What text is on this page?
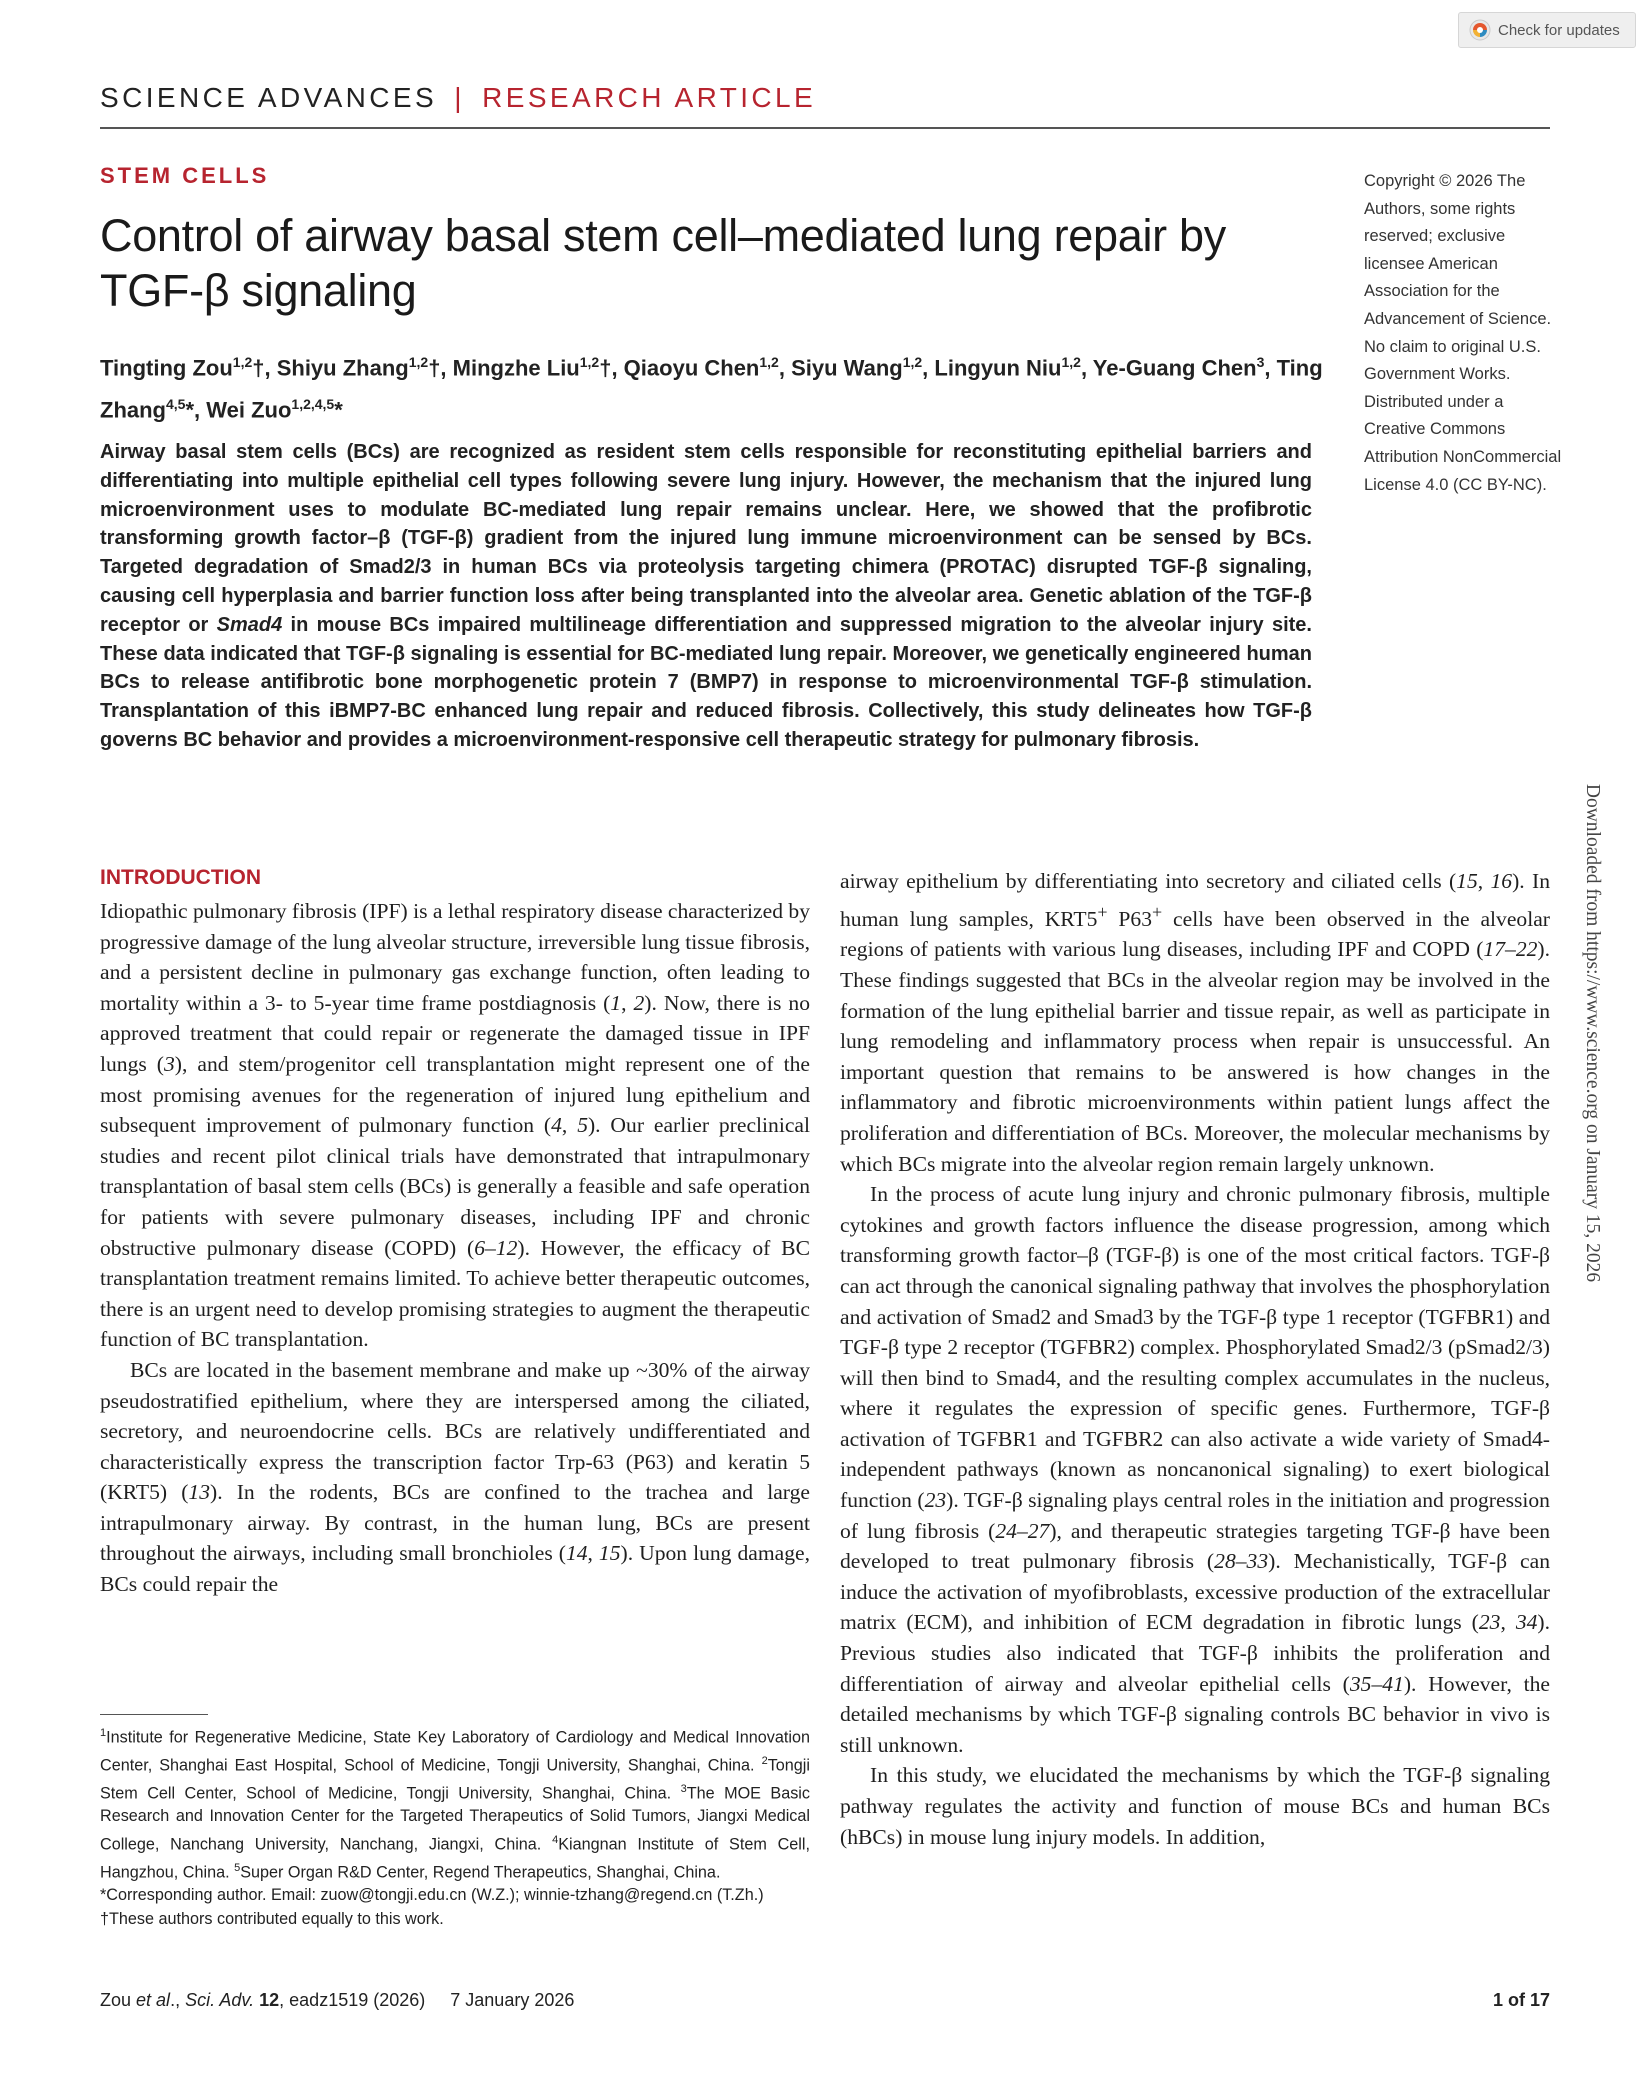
Check for updates
SCIENCE ADVANCES | RESEARCH ARTICLE
STEM CELLS
Control of airway basal stem cell–mediated lung repair by TGF-β signaling
Tingting Zou$^{1,2}$†, Shiyu Zhang$^{1,2}$†, Mingzhe Liu$^{1,2}$†, Qiaoyu Chen$^{1,2}$, Siyu Wang$^{1,2}$, Lingyun Niu$^{1,2}$, Ye-Guang Chen$^3$, Ting Zhang$^{4,5}$*, Wei Zuo$^{1,2,4,5}$*
Copyright © 2026 The Authors, some rights reserved; exclusive licensee American Association for the Advancement of Science. No claim to original U.S. Government Works. Distributed under a Creative Commons Attribution NonCommercial License 4.0 (CC BY-NC).

Airway basal stem cells (BCs) are recognized as resident stem cells responsible for reconstituting epithelial barriers and differentiating into multiple epithelial cell types following severe lung injury. However, the mechanism that the injured lung microenvironment uses to modulate BC-mediated lung repair remains unclear. Here, we showed that the profibrotic transforming growth factor–β (TGF-β) gradient from the injured lung immune microenvironment can be sensed by BCs. Targeted degradation of Smad2/3 in human BCs via proteolysis targeting chimera (PROTAC) disrupted TGF-β signaling, causing cell hyperplasia and barrier function loss after being transplanted into the alveolar area. Genetic ablation of the TGF-β receptor or Smad4 in mouse BCs impaired multilineage differentiation and suppressed migration to the alveolar injury site. These data indicated that TGF-β signaling is essential for BC-mediated lung repair. Moreover, we genetically engineered human BCs to release antifibrotic bone morphogenetic protein 7 (BMP7) in response to microenvironmental TGF-β stimulation. Transplantation of this iBMP7-BC enhanced lung repair and reduced fibrosis. Collectively, this study delineates how TGF-β governs BC behavior and provides a microenvironment-responsive cell therapeutic strategy for pulmonary fibrosis.

Downloaded from https://www.science.org on January 15, 2026
INTRODUCTION

Idiopathic pulmonary fibrosis (IPF) is a lethal respiratory disease characterized by progressive damage of the lung alveolar structure, irreversible lung tissue fibrosis, and a persistent decline in pulmonary gas exchange function, often leading to mortality within a 3- to 5-year time frame postdiagnosis (1, 2). Now, there is no approved treatment that could repair or regenerate the damaged tissue in IPF lungs (3), and stem/progenitor cell transplantation might represent one of the most promising avenues for the regeneration of injured lung epithelium and subsequent improvement of pulmonary function (4, 5). Our earlier preclinical studies and recent pilot clinical trials have demonstrated that intrapulmonary transplantation of basal stem cells (BCs) is generally a feasible and safe operation for patients with severe pulmonary diseases, including IPF and chronic obstructive pulmonary disease (COPD) (6–12). However, the efficacy of BC transplantation treatment remains limited. To achieve better therapeutic outcomes, there is an urgent need to develop promising strategies to augment the therapeutic function of BC transplantation.

BCs are located in the basement membrane and make up ~30% of the airway pseudostratified epithelium, where they are interspersed among the ciliated, secretory, and neuroendocrine cells. BCs are relatively undifferentiated and characteristically express the transcription factor Trp-63 (P63) and keratin 5 (KRT5) (13). In the rodents, BCs are confined to the trachea and large intrapulmonary airway. By contrast, in the human lung, BCs are present throughout the airways, including small bronchioles (14, 15). Upon lung damage, BCs could repair the

airway epithelium by differentiating into secretory and ciliated cells (15, 16). In human lung samples, KRT5+ P63+ cells have been observed in the alveolar regions of patients with various lung diseases, including IPF and COPD (17–22). These findings suggested that BCs in the alveolar region may be involved in the formation of the lung epithelial barrier and tissue repair, as well as participate in lung remodeling and inflammatory process when repair is unsuccessful. An important question that remains to be answered is how changes in the inflammatory and fibrotic microenvironments within patient lungs affect the proliferation and differentiation of BCs. Moreover, the molecular mechanisms by which BCs migrate into the alveolar region remain largely unknown.

In the process of acute lung injury and chronic pulmonary fibrosis, multiple cytokines and growth factors influence the disease progression, among which transforming growth factor–β (TGF-β) is one of the most critical factors. TGF-β can act through the canonical signaling pathway that involves the phosphorylation and activation of Smad2 and Smad3 by the TGF-β type 1 receptor (TGFBR1) and TGF-β type 2 receptor (TGFBR2) complex. Phosphorylated Smad2/3 (pSmad2/3) will then bind to Smad4, and the resulting complex accumulates in the nucleus, where it regulates the expression of specific genes. Furthermore, TGF-β activation of TGFBR1 and TGFBR2 can also activate a wide variety of Smad4-independent pathways (known as noncanonical signaling) to exert biological function (23). TGF-β signaling plays central roles in the initiation and progression of lung fibrosis (24–27), and therapeutic strategies targeting TGF-β have been developed to treat pulmonary fibrosis (28–33). Mechanistically, TGF-β can induce the activation of myofibroblasts, excessive production of the extracellular matrix (ECM), and inhibition of ECM degradation in fibrotic lungs (23, 34). Previous studies also indicated that TGF-β inhibits the proliferation and differentiation of airway and alveolar epithelial cells (35–41). However, the detailed mechanisms by which TGF-β signaling controls BC behavior in vivo is still unknown.

In this study, we elucidated the mechanisms by which the TGF-β signaling pathway regulates the activity and function of mouse BCs and human BCs (hBCs) in mouse lung injury models. In addition,

$^1$Institute for Regenerative Medicine, State Key Laboratory of Cardiology and Medical Innovation Center, Shanghai East Hospital, School of Medicine, Tongji University, Shanghai, China. $^2$Tongji Stem Cell Center, School of Medicine, Tongji University, Shanghai, China. $^3$The MOE Basic Research and Innovation Center for the Targeted Therapeutics of Solid Tumors, Jiangxi Medical College, Nanchang University, Nanchang, Jiangxi, China. $^4$Kiangnan Institute of Stem Cell, Hangzhou, China. $^5$Super Organ R&D Center, Regend Therapeutics, Shanghai, China.

*Corresponding author. Email: zuow@tongji.edu.cn (W.Z.); winnie-tzhang@regend.cn (T.Zh.)

†These authors contributed equally to this work.

Zou et al., Sci. Adv. 12, eadz1519 (2026)     7 January 2026	1 of 17
